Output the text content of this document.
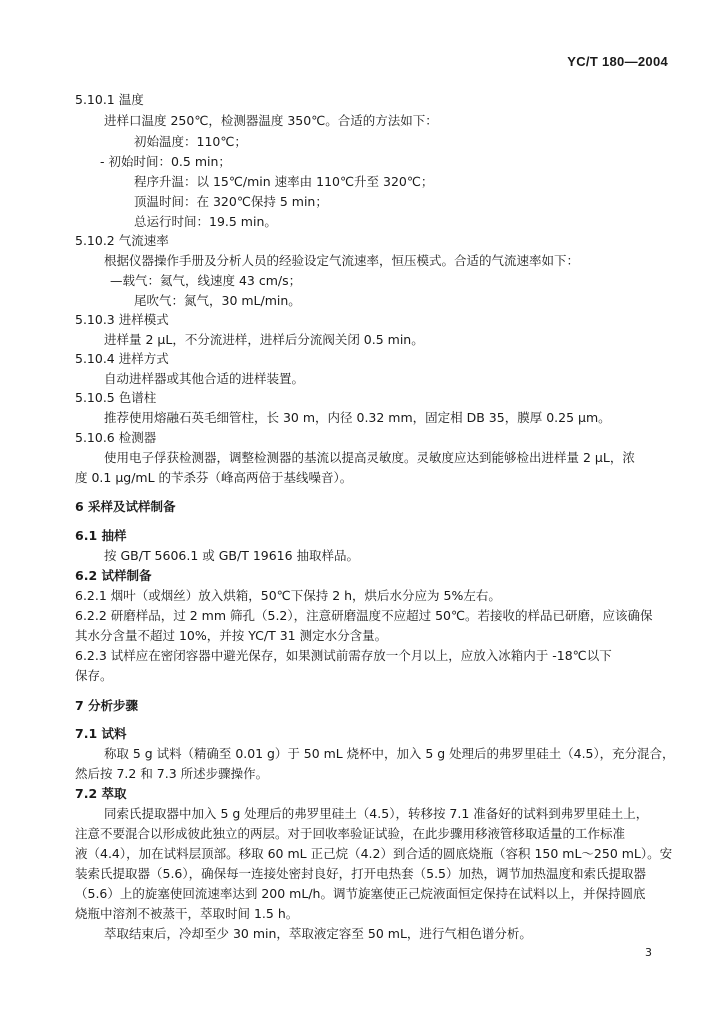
YC/T 180—2004
5.10.1 温度
进样口温度 250℃，检测器温度 350℃。合适的方法如下：
初始温度：110℃；
- 初始时间：0.5 min；
程序升温：以 15℃/min 速率由 110℃升至 320℃；
顶温时间：在 320℃保持 5 min；
总运行时间：19.5 min。
5.10.2 气流速率
根据仪器操作手册及分析人员的经验设定气流速率，恒压模式。合适的气流速率如下：
—载气：氦气，线速度 43 cm/s；
尾吹气：氮气，30 mL/min。
5.10.3 进样模式
进样量 2 μL，不分流进样，进样后分流阀关闭 0.5 min。
5.10.4 进样方式
自动进样器或其他合适的进样装置。
5.10.5 色谱柱
推荐使用熔融石英毛细管柱，长 30 m，内径 0.32 mm，固定相 DB 35，膜厚 0.25 μm。
5.10.6 检测器
使用电子俘获检测器，调整检测器的基流以提高灵敏度。灵敏度应达到能够检出进样量 2 μL，浓
度 0.1 μg/mL 的苄杀芬（峰高两倍于基线噪音）。
6 采样及试样制备
6.1 抽样
按 GB/T 5606.1 或 GB/T 19616 抽取样品。
6.2 试样制备
6.2.1 烟叶（或烟丝）放入烘箱，50℃下保持 2 h，烘后水分应为 5%左右。
6.2.2 研磨样品，过 2 mm 筛孔（5.2），注意研磨温度不应超过 50℃。若接收的样品已研磨，应该确保
其水分含量不超过 10%，并按 YC/T 31 测定水分含量。
6.2.3 试样应在密闭容器中避光保存，如果测试前需存放一个月以上，应放入冰箱内于 -18℃以下
保存。
7 分析步骤
7.1 试料
称取 5 g 试料（精确至 0.01 g）于 50 mL 烧杯中，加入 5 g 处理后的弗罗里硅土（4.5），充分混合，
然后按 7.2 和 7.3 所述步骤操作。
7.2 萃取
同索氏提取器中加入 5 g 处理后的弗罗里硅土（4.5），转移按 7.1 准备好的试料到弗罗里硅土上，
注意不要混合以形成彼此独立的两层。对于回收率验证试验，在此步骤用移液管移取适量的工作标准
液（4.4），加在试料层顶部。移取 60 mL 正己烷（4.2）到合适的圆底烧瓶（容积 150 mL～250 mL）。安
装索氏提取器（5.6），确保每一连接处密封良好，打开电热套（5.5）加热，调节加热温度和索氏提取器
（5.6）上的旋塞使回流速率达到 200 mL/h。调节旋塞使正己烷液面恒定保持在试料以上，并保持圆底
烧瓶中溶剂不被蒸干，萃取时间 1.5 h。
萃取结束后，冷却至少 30 min，萃取液定容至 50 mL，进行气相色谱分析。
3
